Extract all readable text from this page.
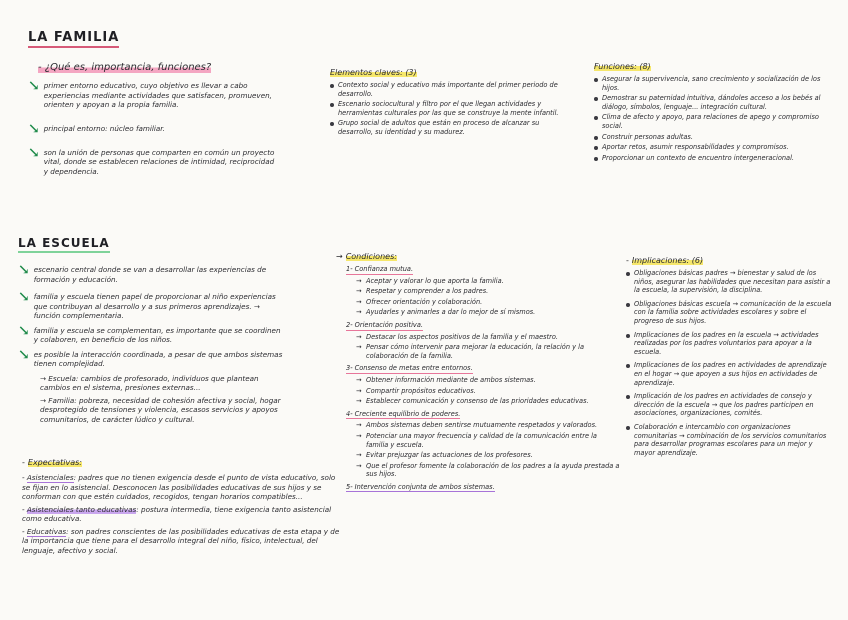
LA FAMILIA
- ¿Qué es, importancia, funciones?
↘ primer entorno educativo, cuyo objetivo es llevar a cabo experiencias mediante actividades que satisfacen, promueven, orienten y apoyan a la propia familia.
↘ principal entorno: núcleo familiar.
↘ son la unión de personas que comparten en común un proyecto vital, donde se establecen relaciones de intimidad, reciprocidad y dependencia.
Elementos claves: (3)
Contexto social y educativo más importante del primer periodo de desarrollo.
Escenario sociocultural y filtro por el que llegan actividades y herramientas culturales por las que se construye la mente infantil.
Grupo social de adultos que están en proceso de alcanzar su desarrollo, su identidad y su madurez.
Funciones: (8)
Asegurar la supervivencia, sano crecimiento y socialización de los hijos.
Demostrar su paternidad intuitiva, dándoles acceso a los bebés al diálogo, símbolos, lenguaje... integración cultural.
Clima de afecto y apoyo, para relaciones de apego y compromiso social.
Construir personas adultas.
Aportar retos, asumir responsabilidades y compromisos.
Proporcionar un contexto de encuentro intergeneracional.
LA ESCUELA
↘ escenario central donde se van a desarrollar las experiencias de formación y educación.
↘ familia y escuela tienen papel de proporcionar al niño experiencias que contribuyan al desarrollo y a sus primeros aprendizajes. → función complementaria.
↘ familia y escuela se complementan, es importante que se coordinen y colaboren, en beneficio de los niños.
↘ es posible la interacción coordinada, a pesar de que ambos sistemas tienen complejidad.
→ Escuela: cambios de profesorado, individuos que plantean cambios en el sistema, presiones externas...
→ Familia: pobreza, necesidad de cohesión afectiva y social, hogar desprotegido de tensiones y violencia, escasos servicios y apoyos comunitarios, de carácter lúdico y cultural.
- Expectativas:
- Asistenciales: padres que no tienen exigencia desde el punto de vista educativo, solo se fijan en lo asistencial. Desconocen las posibilidades educativas de sus hijos y se conforman con que estén cuidados, recogidos, tengan horarios compatibles...
- Asistenciales tanto educativas: postura intermedia, tiene exigencia tanto asistencial como educativa.
- Educativas: son padres conscientes de las posibilidades educativas de esta etapa y de la importancia que tiene para el desarrollo integral del niño, físico, intelectual, del lenguaje, afectivo y social.
→ Condiciones:
1- Confianza mutua.
→ Aceptar y valorar lo que aporta la familia.
→ Respetar y comprender a los padres.
→ Ofrecer orientación y colaboración.
→ Ayudarles y animarles a dar lo mejor de sí mismos.
2- Orientación positiva.
→ Destacar los aspectos positivos de la familia y el maestro.
→ Pensar cómo intervenir para mejorar la educación, la relación y la colaboración de la familia.
3- Consenso de metas entre entornos.
→ Obtener información mediante de ambos sistemas.
→ Compartir propósitos educativos.
→ Establecer comunicación y consenso de las prioridades educativas.
4- Creciente equilibrio de poderes.
→ Ambos sistemas deben sentirse mutuamente respetados y valorados.
→ Potenciar una mayor frecuencia y calidad de la comunicación entre la familia y escuela.
→ Evitar prejuzgar las actuaciones de los profesores.
→ Que el profesor fomente la colaboración de los padres a la ayuda prestada a sus hijos.
5- Intervención conjunta de ambos sistemas.
- Implicaciones: (6)
Obligaciones básicas padres → bienestar y salud de los niños, asegurar las habilidades que necesitan para asistir a la escuela, la supervisión, la disciplina.
Obligaciones básicas escuela → comunicación de la escuela con la familia sobre actividades escolares y sobre el progreso de sus hijos.
Implicaciones de los padres en la escuela → actividades realizadas por los padres voluntarios para apoyar a la escuela.
Implicaciones de los padres en actividades de aprendizaje en el hogar → que apoyen a sus hijos en actividades de aprendizaje.
Implicación de los padres en actividades de consejo y dirección de la escuela → que los padres participen en asociaciones, organizaciones, comités.
Colaboración e intercambio con organizaciones comunitarias → combinación de los servicios comunitarios para desarrollar programas escolares para un mejor y mayor aprendizaje.
